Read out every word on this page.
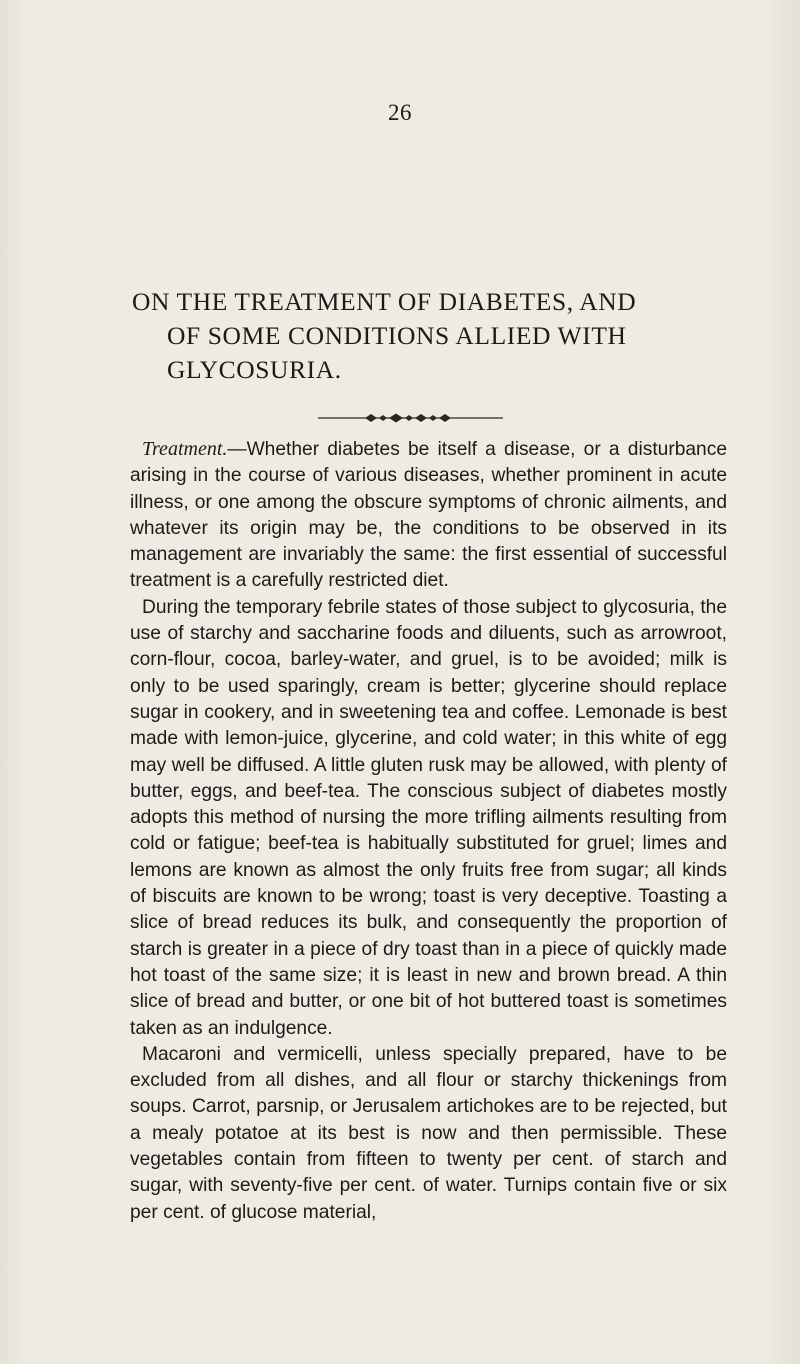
26
ON THE TREATMENT OF DIABETES, AND
OF SOME CONDITIONS ALLIED WITH
GLYCOSURIA.

Treatment.—Whether diabetes be itself a disease, or a disturbance arising in the course of various diseases, whether prominent in acute illness, or one among the obscure symptoms of chronic ailments, and whatever its origin may be, the conditions to be observed in its management are invariably the same: the first essential of successful treatment is a carefully restricted diet.

During the temporary febrile states of those subject to glycosuria, the use of starchy and saccharine foods and diluents, such as arrowroot, corn-flour, cocoa, barley-water, and gruel, is to be avoided; milk is only to be used sparingly, cream is better; glycerine should replace sugar in cookery, and in sweetening tea and coffee. Lemonade is best made with lemon-juice, glycerine, and cold water; in this white of egg may well be diffused. A little gluten rusk may be allowed, with plenty of butter, eggs, and beef-tea. The conscious subject of diabetes mostly adopts this method of nursing the more trifling ailments resulting from cold or fatigue; beef-tea is habitually substituted for gruel; limes and lemons are known as almost the only fruits free from sugar; all kinds of biscuits are known to be wrong; toast is very deceptive. Toasting a slice of bread reduces its bulk, and consequently the proportion of starch is greater in a piece of dry toast than in a piece of quickly made hot toast of the same size; it is least in new and brown bread. A thin slice of bread and butter, or one bit of hot buttered toast is sometimes taken as an indulgence.

Macaroni and vermicelli, unless specially prepared, have to be excluded from all dishes, and all flour or starchy thickenings from soups. Carrot, parsnip, or Jerusalem artichokes are to be rejected, but a mealy potatoe at its best is now and then permissible. These vegetables contain from fifteen to twenty per cent. of starch and sugar, with seventy-five per cent. of water. Turnips contain five or six per cent. of glucose material,
